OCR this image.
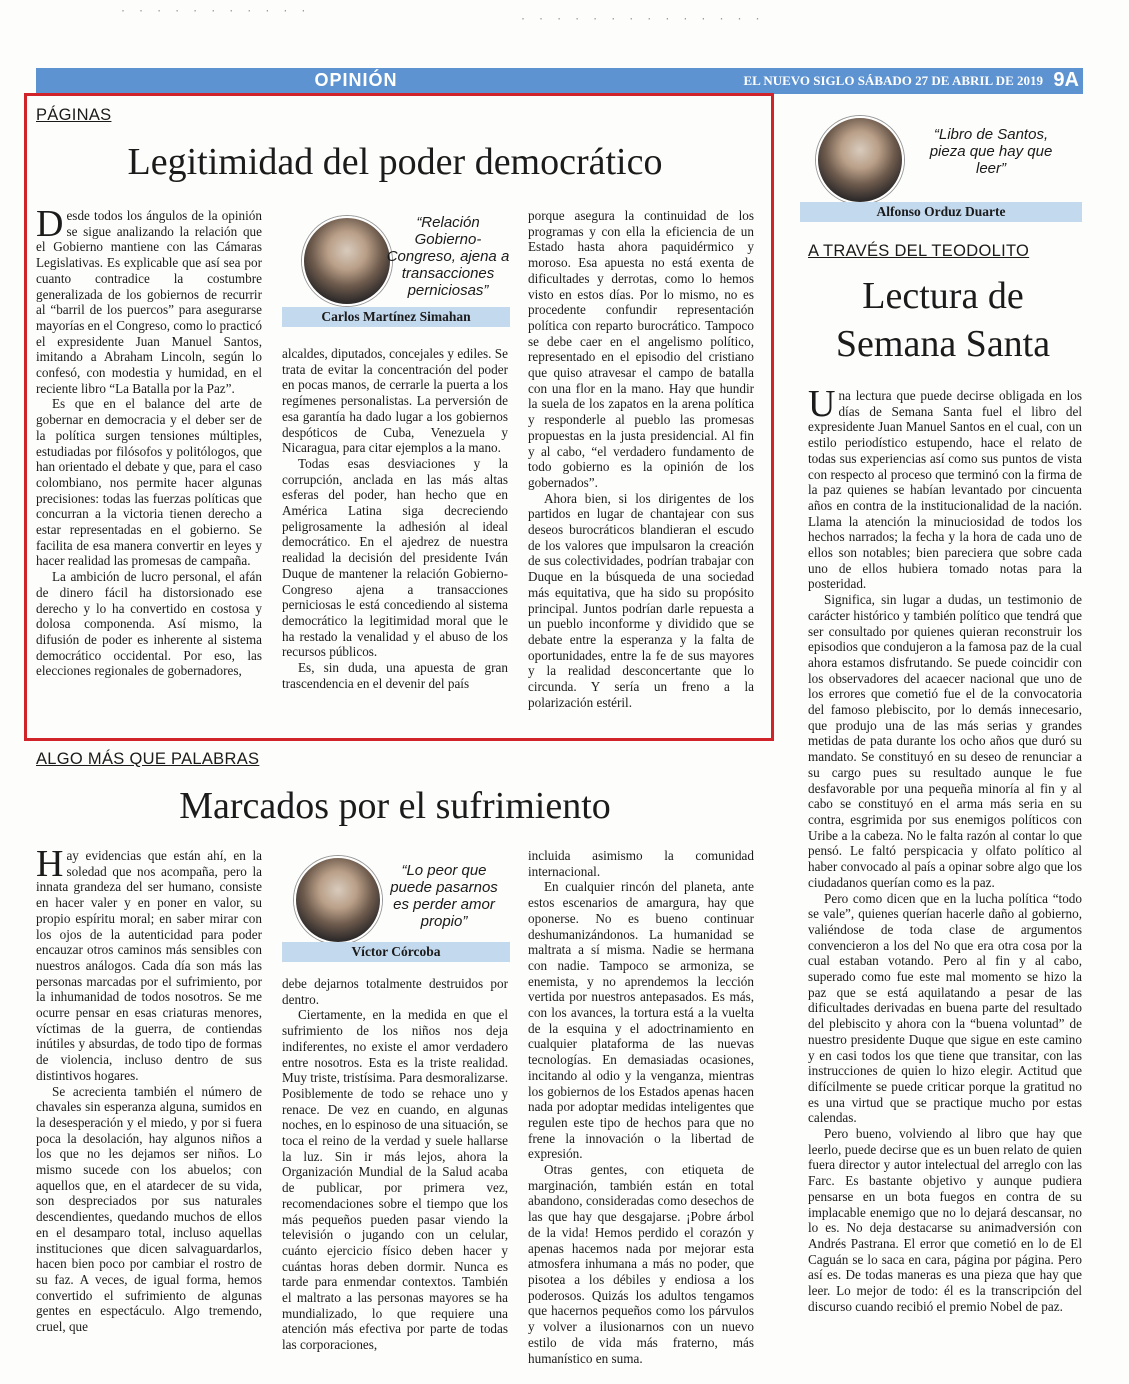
· · · · · · · · · · ·
· · · · · · · · · · · · · ·
OPINIÓN	EL NUEVO SIGLO SÁBADO 27 DE ABRIL DE 2019 9A
PÁGINAS
Legitimidad del poder democrático

Desde todos los ángulos de la opinión se sigue analizando la relación que el Gobierno mantiene con las Cámaras Legislativas. Es explicable que así sea por cuanto contradice la costumbre generalizada de los gobiernos de recurrir al “barril de los puercos” para asegurarse mayorías en el Congreso, como lo practicó el expresidente Juan Manuel Santos, imitando a Abraham Lincoln, según lo confesó, con modestia y humidad, en el reciente libro “La Batalla por la Paz”.

Es que en el balance del arte de gobernar en democracia y el deber ser de la política surgen tensiones múltiples, estudiadas por filósofos y politólogos, que han orientado el debate y que, para el caso colombiano, nos permite hacer algunas precisiones: todas las fuerzas políticas que concurran a la victoria tienen derecho a estar representadas en el gobierno. Se facilita de esa manera convertir en leyes y hacer realidad las promesas de campaña.

La ambición de lucro personal, el afán de dinero fácil ha distorsionado ese derecho y lo ha convertido en costosa y dolosa componenda. Así mismo, la difusión de poder es inherente al sistema democrático occidental. Por eso, las elecciones regionales de gobernadores,

“Relación Gobierno-Congreso, ajena a transacciones perniciosas”
Carlos Martínez Simahan

alcaldes, diputados, concejales y ediles. Se trata de evitar la concentración del poder en pocas manos, de cerrarle la puerta a los regímenes personalistas. La perversión de esa garantía ha dado lugar a los gobiernos despóticos de Cuba, Venezuela y Nicaragua, para citar ejemplos a la mano.

Todas esas desviaciones y la corrupción, anclada en las más altas esferas del poder, han hecho que en América Latina siga decreciendo peligrosamente la adhesión al ideal democrático. En el ajedrez de nuestra realidad la decisión del presidente Iván Duque de mantener la relación Gobierno-Congreso ajena a transacciones perniciosas le está concediendo al sistema democrático la legitimidad moral que le ha restado la venalidad y el abuso de los recursos públicos.

Es, sin duda, una apuesta de gran trascendencia en el devenir del país

porque asegura la continuidad de los programas y con ella la eficiencia de un Estado hasta ahora paquidérmico y moroso. Esa apuesta no está exenta de dificultades y derrotas, como lo hemos visto en estos días. Por lo mismo, no es procedente confundir representación política con reparto burocrático. Tampoco se debe caer en el angelismo político, representado en el episodio del cristiano que quiso atravesar el campo de batalla con una flor en la mano. Hay que hundir la suela de los zapatos en la arena política y responderle al pueblo las promesas propuestas en la justa presidencial. Al fin y al cabo, “el verdadero fundamento de todo gobierno es la opinión de los gobernados”.

Ahora bien, si los dirigentes de los partidos en lugar de chantajear con sus deseos burocráticos blandieran el escudo de los valores que impulsaron la creación de sus colectividades, podrían trabajar con Duque en la búsqueda de una sociedad más equitativa, que ha sido su propósito principal. Juntos podrían darle repuesta a un pueblo inconforme y dividido que se debate entre la esperanza y la falta de oportunidades, entre la fe de sus mayores y la realidad desconcertante que lo circunda. Y sería un freno a la polarización estéril.

ALGO MÁS QUE PALABRAS
Marcados por el sufrimiento

Hay evidencias que están ahí, en la soledad que nos acompaña, pero la innata grandeza del ser humano, consiste en hacer valer y en poner en valor, su propio espíritu moral; en saber mirar con los ojos de la autenticidad para poder encauzar otros caminos más sensibles con nuestros análogos. Cada día son más las personas marcadas por el sufrimiento, por la inhumanidad de todos nosotros. Se me ocurre pensar en esas criaturas menores, víctimas de la guerra, de contiendas inútiles y absurdas, de todo tipo de formas de violencia, incluso dentro de sus distintivos hogares.

Se acrecienta también el número de chavales sin esperanza alguna, sumidos en la desesperación y el miedo, y por si fuera poca la desolación, hay algunos niños a los que no les dejamos ser niños. Lo mismo sucede con los abuelos; con aquellos que, en el atardecer de su vida, son despreciados por sus naturales descendientes, quedando muchos de ellos en el desamparo total, incluso aquellas instituciones que dicen salvaguardarlos, hacen bien poco por cambiar el rostro de su faz. A veces, de igual forma, hemos convertido el sufrimiento de algunas gentes en espectáculo. Algo tremendo, cruel, que

“Lo peor que puede pasarnos es perder amor propio”
Víctor Córcoba

debe dejarnos totalmente destruidos por dentro.

Ciertamente, en la medida en que el sufrimiento de los niños nos deja indiferentes, no existe el amor verdadero entre nosotros. Esta es la triste realidad. Muy triste, tristísima. Para desmoralizarse. Posiblemente de todo se rehace uno y renace. De vez en cuando, en algunas noches, en lo espinoso de una situación, se toca el reino de la verdad y suele hallarse la luz. Sin ir más lejos, ahora la Organización Mundial de la Salud acaba de publicar, por primera vez, recomendaciones sobre el tiempo que los más pequeños pueden pasar viendo la televisión o jugando con un celular, cuánto ejercicio físico deben hacer y cuántas horas deben dormir. Nunca es tarde para enmendar contextos. También el maltrato a las personas mayores se ha mundializado, lo que requiere una atención más efectiva por parte de todas las corporaciones,

incluida asimismo la comunidad internacional.

En cualquier rincón del planeta, ante estos escenarios de amargura, hay que oponerse. No es bueno continuar deshumanizándonos. La humanidad se maltrata a sí misma. Nadie se hermana con nadie. Tampoco se armoniza, se enemista, y no aprendemos la lección vertida por nuestros antepasados. Es más, con los avances, la tortura está a la vuelta de la esquina y el adoctrinamiento en cualquier plataforma de las nuevas tecnologías. En demasiadas ocasiones, incitando al odio y la venganza, mientras los gobiernos de los Estados apenas hacen nada por adoptar medidas inteligentes que regulen este tipo de hechos para que no frene la innovación o la libertad de expresión.

Otras gentes, con etiqueta de marginación, también están en total abandono, consideradas como desechos de las que hay que desgajarse. ¡Pobre árbol de la vida! Hemos perdido el corazón y apenas hacemos nada por mejorar esta atmosfera inhumana a más no poder, que pisotea a los débiles y endiosa a los poderosos. Quizás los adultos tengamos que hacernos pequeños como los párvulos y volver a ilusionarnos con un nuevo estilo de vida más fraterno, más humanístico en suma.

“Libro de Santos, pieza que hay que leer”
Alfonso Orduz Duarte
A TRAVÉS DEL TEODOLITO
Lectura de
Semana Santa

Una lectura que puede decirse obligada en los días de Semana Santa fuel el libro del expresidente Juan Manuel Santos en el cual, con un estilo periodístico estupendo, hace el relato de todas sus experiencias así como sus puntos de vista con respecto al proceso que terminó con la firma de la paz quienes se habían levantado por cincuenta años en contra de la institucionalidad de la nación. Llama la atención la minuciosidad de todos los hechos narrados; la fecha y la hora de cada uno de ellos son notables; bien pareciera que sobre cada uno de ellos hubiera tomado notas para la posteridad.

Significa, sin lugar a dudas, un testimonio de carácter histórico y también político que tendrá que ser consultado por quienes quieran reconstruir los episodios que condujeron a la famosa paz de la cual ahora estamos disfrutando. Se puede coincidir con los observadores del acaecer nacional que uno de los errores que cometió fue el de la convocatoria del famoso plebiscito, por lo demás innecesario, que produjo una de las más serias y grandes metidas de pata durante los ocho años que duró su mandato. Se constituyó en su deseo de renunciar a su cargo pues su resultado aunque le fue desfavorable por una pequeña minoría al fin y al cabo se constituyó en el arma más seria en su contra, esgrimida por sus enemigos políticos con Uribe a la cabeza. No le falta razón al contar lo que pensó. Le faltó perspicacia y olfato político al haber convocado al país a opinar sobre algo que los ciudadanos querían como es la paz.

Pero como dicen que en la lucha política “todo se vale”, quienes querían hacerle daño al gobierno, valiéndose de toda clase de argumentos convencieron a los del No que era otra cosa por la cual estaban votando. Pero al fin y al cabo, superado como fue este mal momento se hizo la paz que se está aquilatando a pesar de las dificultades derivadas en buena parte del resultado del plebiscito y ahora con la “buena voluntad” de nuestro presidente Duque que sigue en este camino y en casi todos los que tiene que transitar, con las instrucciones de quien lo hizo elegir. Actitud que difícilmente se puede criticar porque la gratitud no es una virtud que se practique mucho por estas calendas.

Pero bueno, volviendo al libro que hay que leerlo, puede decirse que es un buen relato de quien fuera director y autor intelectual del arreglo con las Farc. Es bastante objetivo y aunque pudiera pensarse en un bota fuegos en contra de su implacable enemigo que no lo dejará descansar, no lo es. No deja destacarse su animadversión con Andrés Pastrana. El error que cometió en lo de El Caguán se lo saca en cara, página por página. Pero así es. De todas maneras es una pieza que hay que leer. Lo mejor de todo: él es la transcripción del discurso cuando recibió el premio Nobel de paz.
